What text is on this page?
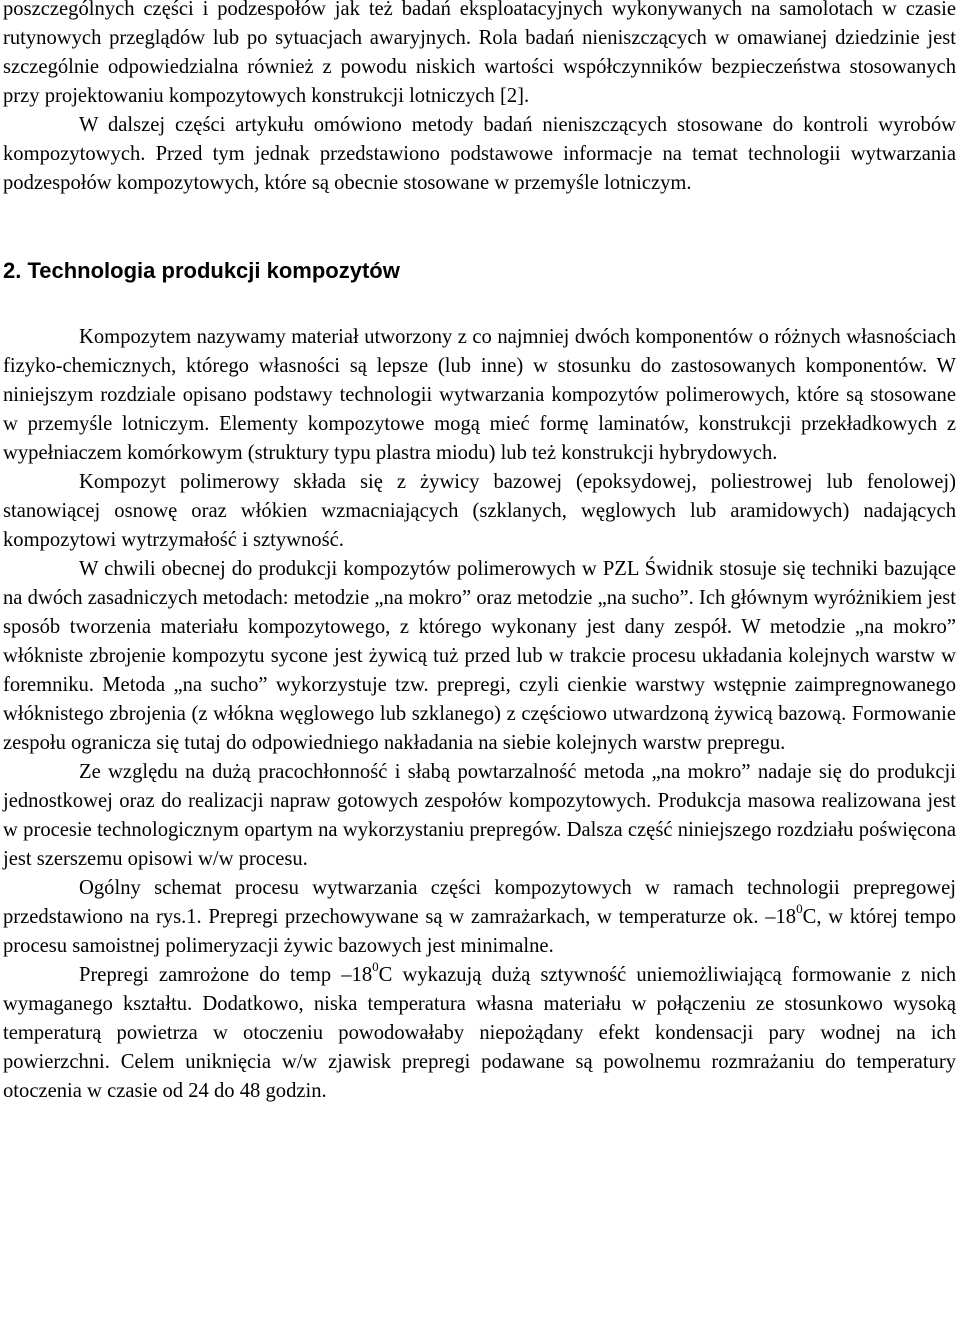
poszczególnych części i podzespołów jak też badań eksploatacyjnych wykonywanych na samolotach w czasie rutynowych przeglądów lub po sytuacjach awaryjnych. Rola badań nieniszczących w omawianej dziedzinie jest szczególnie odpowiedzialna również z powodu niskich wartości współczynników bezpieczeństwa stosowanych przy projektowaniu kompozytowych konstrukcji lotniczych [2].

W dalszej części artykułu omówiono metody badań nieniszczących stosowane do kontroli wyrobów kompozytowych. Przed tym jednak przedstawiono podstawowe informacje na temat technologii wytwarzania podzespołów kompozytowych, które są obecnie stosowane w przemyśle lotniczym.

2. Technologia produkcji kompozytów

Kompozytem nazywamy materiał utworzony z co najmniej dwóch komponentów o różnych własnościach fizyko-chemicznych, którego własności są lepsze (lub inne) w stosunku do zastosowanych komponentów. W niniejszym rozdziale opisano podstawy technologii wytwarzania kompozytów polimerowych, które są stosowane w przemyśle lotniczym. Elementy kompozytowe mogą mieć formę laminatów, konstrukcji przekładkowych z wypełniaczem komórkowym (struktury typu plastra miodu) lub też konstrukcji hybrydowych.

Kompozyt polimerowy składa się z żywicy bazowej (epoksydowej, poliestrowej lub fenolowej) stanowiącej osnowę oraz włókien wzmacniających (szklanych, węglowych lub aramidowych) nadających kompozytowi wytrzymałość i sztywność.

W chwili obecnej do produkcji kompozytów polimerowych w PZL Świdnik stosuje się techniki bazujące na dwóch zasadniczych metodach: metodzie „na mokro” oraz metodzie „na sucho”. Ich głównym wyróżnikiem jest sposób tworzenia materiału kompozytowego, z którego wykonany jest dany zespół. W metodzie „na mokro” włókniste zbrojenie kompozytu sycone jest żywicą tuż przed lub w trakcie procesu układania kolejnych warstw w foremniku. Metoda „na sucho” wykorzystuje tzw. prepregi, czyli cienkie warstwy wstępnie zaimpregnowanego włóknistego zbrojenia (z włókna węglowego lub szklanego) z częściowo utwardzoną żywicą bazową. Formowanie zespołu ogranicza się tutaj do odpowiedniego nakładania na siebie kolejnych warstw prepregu.

Ze względu na dużą pracochłonność i słabą powtarzalność metoda „na mokro” nadaje się do produkcji jednostkowej oraz do realizacji napraw gotowych zespołów kompozytowych. Produkcja masowa realizowana jest w procesie technologicznym opartym na wykorzystaniu prepregów. Dalsza część niniejszego rozdziału poświęcona jest szerszemu opisowi w/w procesu.

Ogólny schemat procesu wytwarzania części kompozytowych w ramach technologii prepregowej przedstawiono na rys.1. Prepregi przechowywane są w zamrażarkach, w temperaturze ok. $-18^0C$, w której tempo procesu samoistnej polimeryzacji żywic bazowych jest minimalne.

Prepregi zamrożone do temp $-18^0C$ wykazują dużą sztywność uniemożliwiającą formowanie z nich wymaganego kształtu. Dodatkowo, niska temperatura własna materiału w połączeniu ze stosunkowo wysoką temperaturą powietrza w otoczeniu powodowałaby niepożądany efekt kondensacji pary wodnej na ich powierzchni. Celem uniknięcia w/w zjawisk prepregi podawane są powolnemu rozmrażaniu do temperatury otoczenia w czasie od 24 do 48 godzin.
